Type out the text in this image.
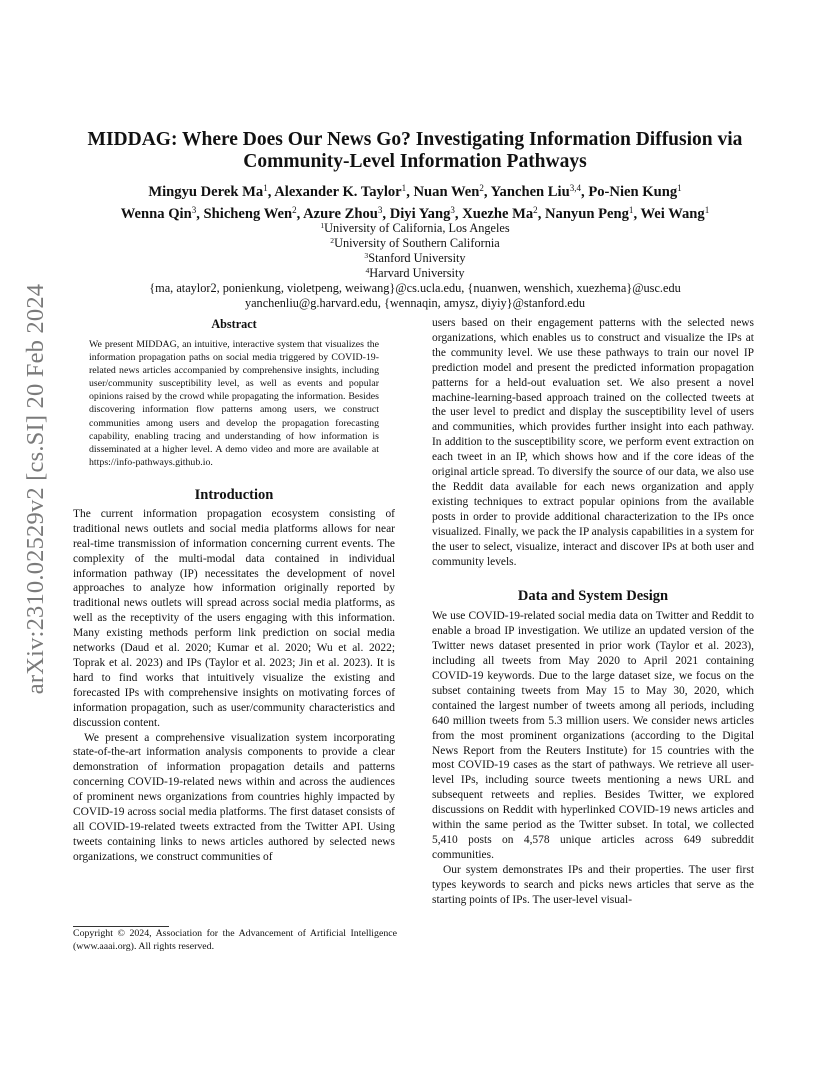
arXiv:2310.02529v2 [cs.SI] 20 Feb 2024
MIDDAG: Where Does Our News Go? Investigating Information Diffusion via Community-Level Information Pathways
Mingyu Derek Ma$^1$, Alexander K. Taylor$^1$, Nuan Wen$^2$, Yanchen Liu$^{3,4}$, Po-Nien Kung$^1$
Wenna Qin$^3$, Shicheng Wen$^2$, Azure Zhou$^3$, Diyi Yang$^3$, Xuezhe Ma$^2$, Nanyun Peng$^1$, Wei Wang$^1$
$^1$University of California, Los Angeles
$^2$University of Southern California
$^3$Stanford University
$^4$Harvard University
{ma, ataylor2, ponienkung, violetpeng, weiwang}@cs.ucla.edu, {nuanwen, wenshich, xuezhema}@usc.edu
yanchenliu@g.harvard.edu, {wennaqin, amysz, diyiy}@stanford.edu
Abstract

We present MIDDAG, an intuitive, interactive system that visualizes the information propagation paths on social media triggered by COVID-19-related news articles accompanied by comprehensive insights, including user/community susceptibility level, as well as events and popular opinions raised by the crowd while propagating the information. Besides discovering information flow patterns among users, we construct communities among users and develop the propagation forecasting capability, enabling tracing and understanding of how information is disseminated at a higher level. A demo video and more are available at https://info-pathways.github.io.

Introduction

The current information propagation ecosystem consisting of traditional news outlets and social media platforms allows for near real-time transmission of information concerning current events. The complexity of the multi-modal data contained in individual information pathway (IP) necessitates the development of novel approaches to analyze how information originally reported by traditional news outlets will spread across social media platforms, as well as the receptivity of the users engaging with this information. Many existing methods perform link prediction on social media networks (Daud et al. 2020; Kumar et al. 2020; Wu et al. 2022; Toprak et al. 2023) and IPs (Taylor et al. 2023; Jin et al. 2023). It is hard to find works that intuitively visualize the existing and forecasted IPs with comprehensive insights on motivating forces of information propagation, such as user/community characteristics and discussion content.

We present a comprehensive visualization system incorporating state-of-the-art information analysis components to provide a clear demonstration of information propagation details and patterns concerning COVID-19-related news within and across the audiences of prominent news organizations from countries highly impacted by COVID-19 across social media platforms. The first dataset consists of all COVID-19-related tweets extracted from the Twitter API. Using tweets containing links to news articles authored by selected news organizations, we construct communities of

users based on their engagement patterns with the selected news organizations, which enables us to construct and visualize the IPs at the community level. We use these pathways to train our novel IP prediction model and present the predicted information propagation patterns for a held-out evaluation set. We also present a novel machine-learning-based approach trained on the collected tweets at the user level to predict and display the susceptibility level of users and communities, which provides further insight into each pathway. In addition to the susceptibility score, we perform event extraction on each tweet in an IP, which shows how and if the core ideas of the original article spread. To diversify the source of our data, we also use the Reddit data available for each news organization and apply existing techniques to extract popular opinions from the available posts in order to provide additional characterization to the IPs once visualized. Finally, we pack the IP analysis capabilities in a system for the user to select, visualize, interact and discover IPs at both user and community levels.

Data and System Design

We use COVID-19-related social media data on Twitter and Reddit to enable a broad IP investigation. We utilize an updated version of the Twitter news dataset presented in prior work (Taylor et al. 2023), including all tweets from May 2020 to April 2021 containing COVID-19 keywords. Due to the large dataset size, we focus on the subset containing tweets from May 15 to May 30, 2020, which contained the largest number of tweets among all periods, including 640 million tweets from 5.3 million users. We consider news articles from the most prominent organizations (according to the Digital News Report from the Reuters Institute) for 15 countries with the most COVID-19 cases as the start of pathways. We retrieve all user-level IPs, including source tweets mentioning a news URL and subsequent retweets and replies. Besides Twitter, we explored discussions on Reddit with hyperlinked COVID-19 news articles and within the same period as the Twitter subset. In total, we collected 5,410 posts on 4,578 unique articles across 649 subreddit communities.

Our system demonstrates IPs and their properties. The user first types keywords to search and picks news articles that serve as the starting points of IPs. The user-level visual-

Copyright © 2024, Association for the Advancement of Artificial Intelligence (www.aaai.org). All rights reserved.
